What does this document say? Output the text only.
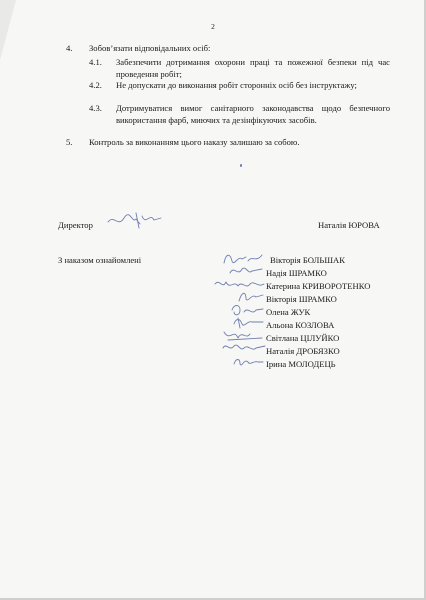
2
4. Зобов’язати відповідальних осіб:

4.1. Забезпечити дотримання охорони праці та пожежної безпеки під час проведення робіт;

4.2. Не допускати до виконання робіт сторонніх осіб без інструктажу;

4.3. Дотримуватися вимог санітарного законодавства щодо безпечного використання фарб, миючих та дезінфікуючих засобів.

5. Контроль за виконанням цього наказу залишаю за собою.

Директор	Наталія ЮРОВА
З наказом ознайомлені	Вікторія БОЛЬШАК
Надія ШРАМКО
Катерина КРИВОРОТЕНКО
Вікторія ШРАМКО
Олена ЖУК
Альона КОЗЛОВА
Світлана ЦІЛУЙКО
Наталія ДРОБЯЗКО
Ірина МОЛОДЕЦЬ
